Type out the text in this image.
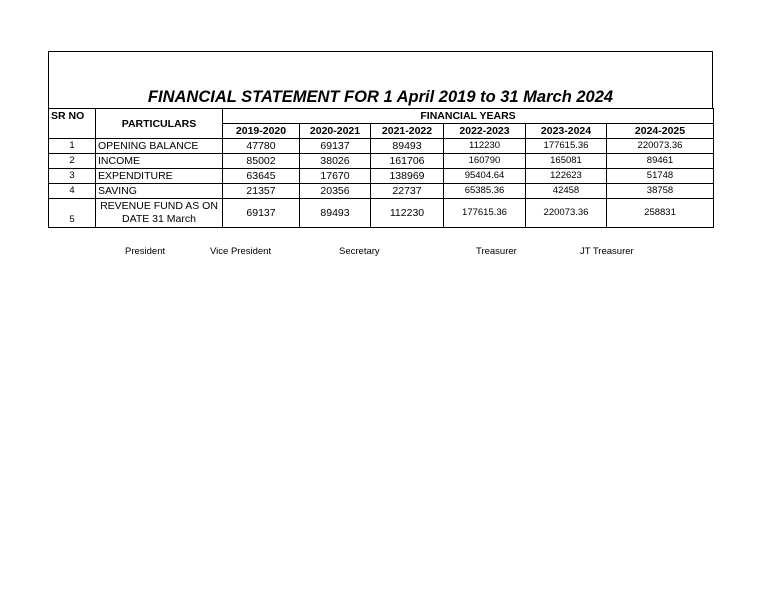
FINANCIAL STATEMENT FOR 1 April 2019 to 31 March 2024
SR NO	PARTICULARS	FINANCIAL YEARS					
		2019-2020	2020-2021	2021-2022	2022-2023	2023-2024	2024-2025
1	OPENING BALANCE	47780	69137	89493	112230	177615.36	220073.36
2	INCOME	85002	38026	161706	160790	165081	89461
3	EXPENDITURE	63645	17670	138969	95404.64	122623	51748
4	SAVING	21357	20356	22737	65385.36	42458	38758
5	REVENUE FUND AS ON DATE 31 March	69137	89493	112230	177615.36	220073.36	258831
President	Vice President	Secretary	Treasurer	JT Treasurer
